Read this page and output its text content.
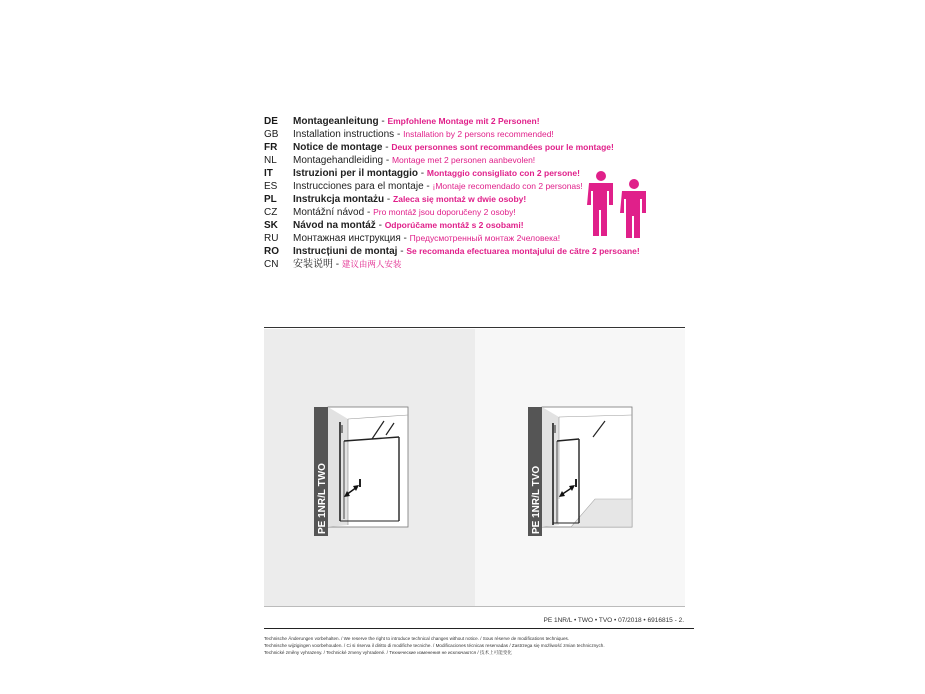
DE	Montageanleitung - Empfohlene Montage mit 2 Personen!
GB	Installation instructions - Installation by 2 persons recommended!
FR	Notice de montage - Deux personnes sont recommandées pour le montage!
NL	Montagehandleiding - Montage met 2 personen aanbevolen!
IT	Istruzioni per il montaggio - Montaggio consigliato con 2 persone!
ES	Instrucciones para el montaje - ¡Montaje recomendado con 2 personas!
PL	Instrukcja montażu - Zaleca się montaż w dwie osoby!
CZ	Montážní návod - Pro montáž jsou doporučeny 2 osoby!
SK	Návod na montáž - Odporúčame montáž s 2 osobami!
RU	Монтажная инструкция - Предусмотренный монтаж 2человека!
RO	Instrucțiuni de montaj - Se recomanda efectuarea montajului de către 2 persoane!
CN	安装说明 - 建议由两人安装
PE 1NR/L TWO	PE 1NR/L TVO
PE 1NR/L • TWO • TVO • 07/2018 • 6916815 - 2.
Technische Änderungen vorbehalten. / We reserve the right to introduce technical changes without notice. / Sous réserve de modifications techniques.
Technische wijzigingen voorbehouden. / Ci si riserva il diritto di modifiche tecniche. / Modificaciones técnicas reservadas / Zastrzega się możliwość zmian technicznych.
Technické změny vyhrazeny. / Technické zmeny vyhradené. / Технические изменения не исключаются / 技术上可能变化
